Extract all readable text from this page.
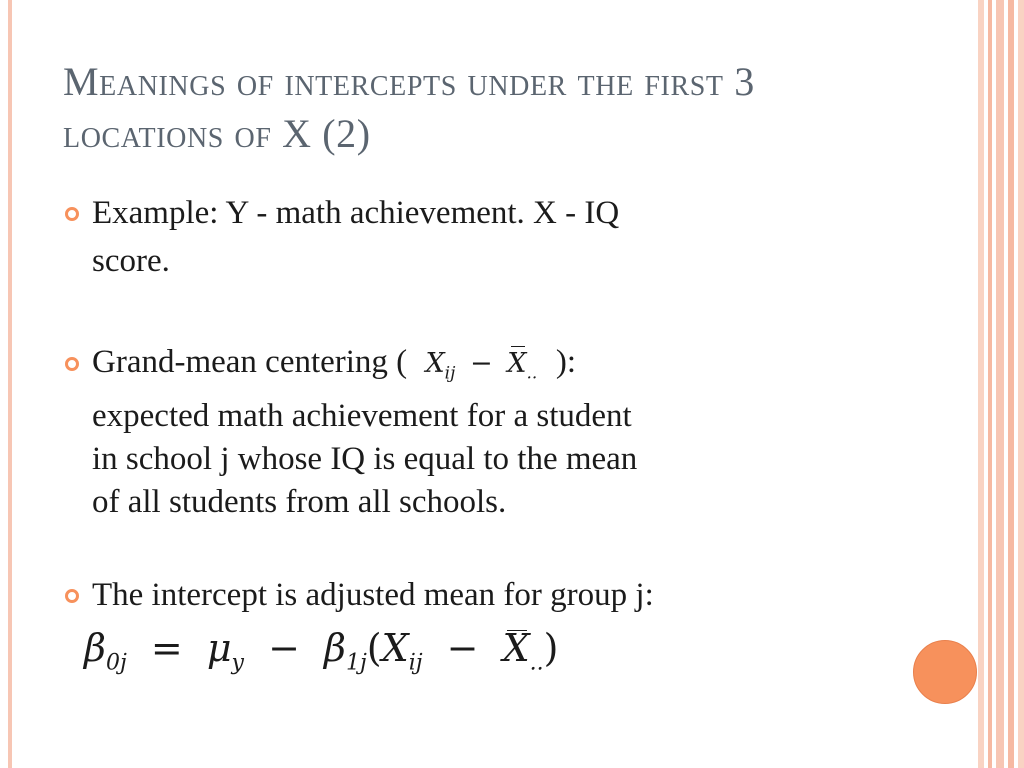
Meanings of intercepts under the first 3 locations of X (2)
Example: Y - math achievement. X - IQ
score.
Grand-mean centering ( $X_{ij} - X_{..}$ ):
expected math achievement for a student
in school j whose IQ is equal to the mean
of all students from all schools.
The intercept is adjusted mean for group j:
$\beta_{0j} = \mu_y - \beta_{1j}(X_{ij} - X_{..})$
